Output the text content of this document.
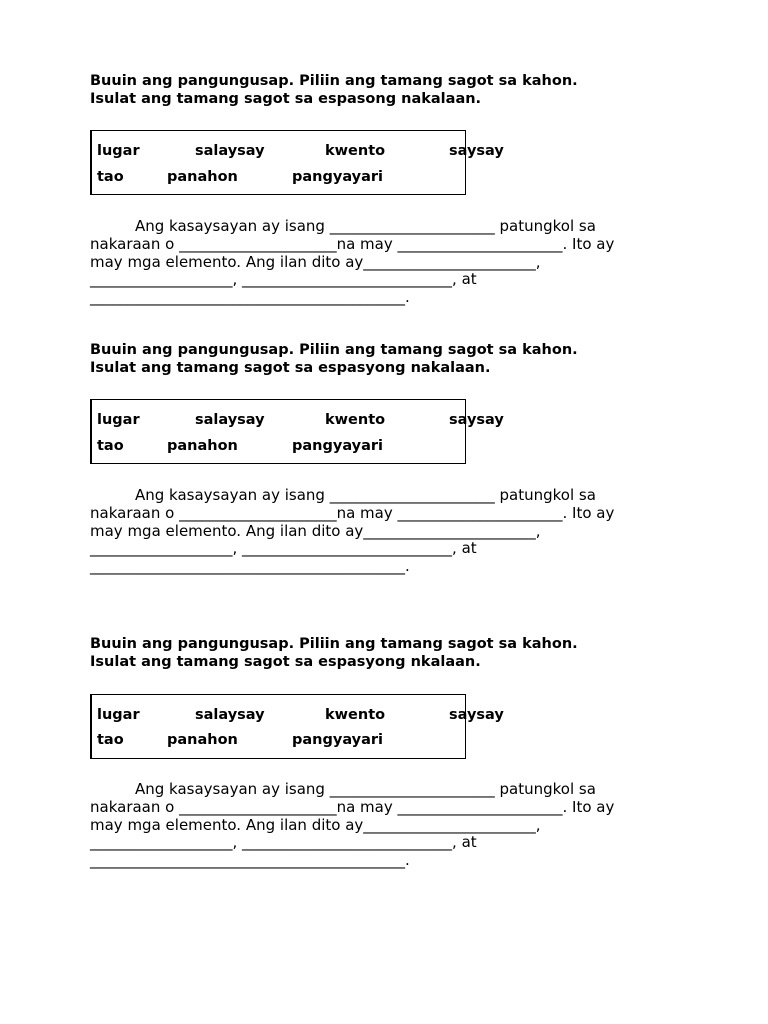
Buuin ang pangungusap. Piliin ang tamang sagot sa kahon.
Isulat ang tamang sagot sa espasong nakalaan.
lugar	salaysay	kwento	saysay
tao	panahon	pangyayari
Ang kasaysayan ay isang ______________________ patungkol sa
nakaraan o _____________________na may ______________________. Ito ay
may mga elemento. Ang ilan dito ay_______________________,
___________________, ____________________________, at
__________________________________________.
Buuin ang pangungusap. Piliin ang tamang sagot sa kahon.
Isulat ang tamang sagot sa espasyong nakalaan.
lugar	salaysay	kwento	saysay
tao	panahon	pangyayari
Ang kasaysayan ay isang ______________________ patungkol sa
nakaraan o _____________________na may ______________________. Ito ay
may mga elemento. Ang ilan dito ay_______________________,
___________________, ____________________________, at
__________________________________________.
Buuin ang pangungusap. Piliin ang tamang sagot sa kahon.
Isulat ang tamang sagot sa espasyong nkalaan.
lugar	salaysay	kwento	saysay
tao	panahon	pangyayari
Ang kasaysayan ay isang ______________________ patungkol sa
nakaraan o _____________________na may ______________________. Ito ay
may mga elemento. Ang ilan dito ay_______________________,
___________________, ____________________________, at
__________________________________________.
